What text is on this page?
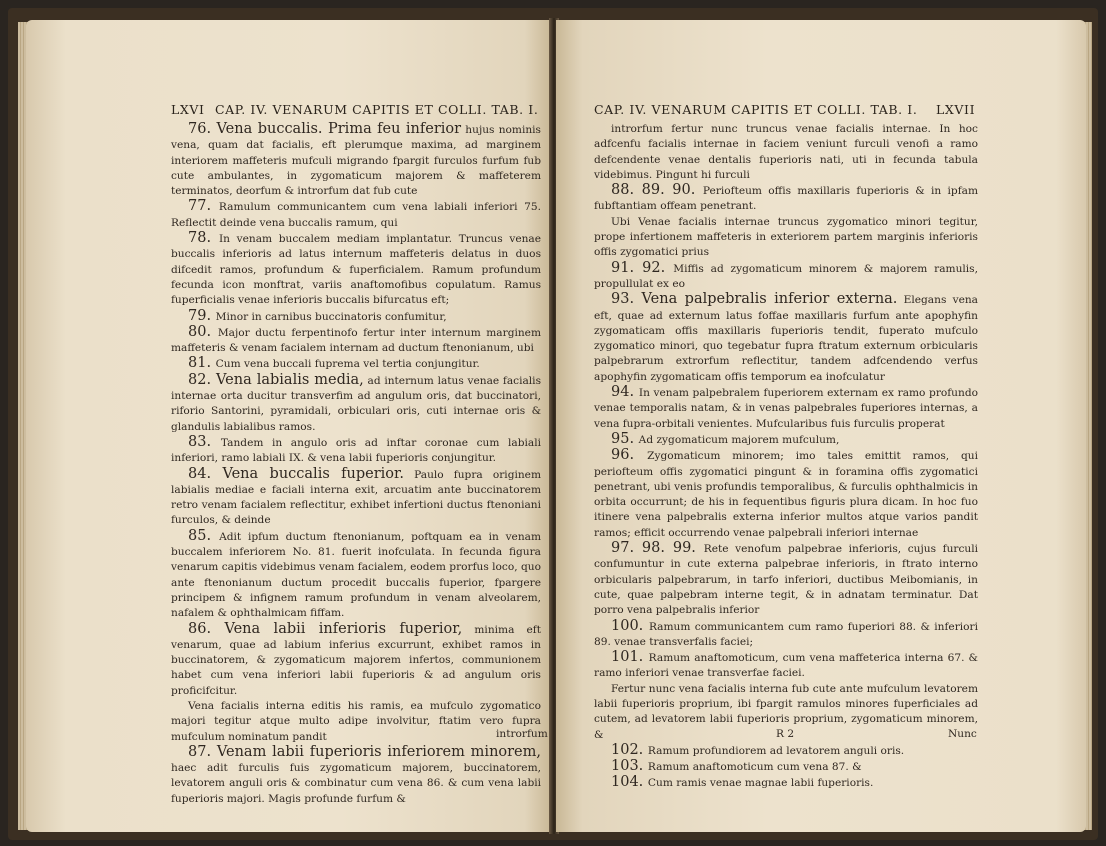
LXVI CAP. IV. VENARUM CAPITIS ET COLLI. TAB. I.

76. Vena buccalis. Prima feu inferior hujus nominis vena, quam dat facialis, eft plerumque maxima, ad marginem interiorem maffeteris mufculi migrando fpargit furculos furfum fub cute ambulantes, in zygomaticum majorem & maffeterem terminatos, deorfum & introrfum dat fub cute

77. Ramulum communicantem cum vena labiali inferiori 75. Reflectit deinde vena buccalis ramum, qui

78. In venam buccalem mediam implantatur. Truncus venae buccalis inferioris ad latus internum maffeteris delatus in duos difcedit ramos, profundum & fuperficialem. Ramum profundum fecunda icon monftrat, variis anaftomofibus copulatum. Ramus fuperficialis venae inferioris buccalis bifurcatus eft;

79. Minor in carnibus buccinatoris confumitur,

80. Major ductu ferpentinofo fertur inter internum marginem maffeteris & venam facialem internam ad ductum ftenonianum, ubi

81. Cum vena buccali fuprema vel tertia conjungitur.

82. Vena labialis media, ad internum latus venae facialis internae orta ducitur transverfim ad angulum oris, dat buccinatori, riforio Santorini, pyramidali, orbiculari oris, cuti internae oris & glandulis labialibus ramos.

83. Tandem in angulo oris ad inftar coronae cum labiali inferiori, ramo labiali IX. & vena labii fuperioris conjungitur.

84. Vena buccalis fuperior. Paulo fupra originem labialis mediae e faciali interna exit, arcuatim ante buccinatorem retro venam facialem reflectitur, exhibet infertioni ductus ftenoniani furculos, & deinde

85. Adit ipfum ductum ftenonianum, poftquam ea in venam buccalem inferiorem No. 81. fuerit inofculata. In fecunda figura venarum capitis videbimus venam facialem, eodem prorfus loco, quo ante ftenonianum ductum procedit buccalis fuperior, fpargere principem & infignem ramum profundum in venam alveolarem, nafalem & ophthalmicam fiffam.

86. Vena labii inferioris fuperior, minima eft venarum, quae ad labium inferius excurrunt, exhibet ramos in buccinatorem, & zygomaticum majorem infertos, communionem habet cum vena inferiori labii fuperioris & ad angulum oris proficifcitur.

Vena facialis interna editis his ramis, ea mufculo zygomatico majori tegitur atque multo adipe involvitur, ftatim vero fupra mufculum nominatum pandit

87. Venam labii fuperioris inferiorem minorem, haec adit furculis fuis zygomaticum majorem, buccinatorem, levatorem anguli oris & combinatur cum vena 86. & cum vena labii fuperioris majori. Magis profunde furfum &

introrfum
CAP. IV. VENARUM CAPITIS ET COLLI. TAB. I. LXVII

introrfum fertur nunc truncus venae facialis internae. In hoc adfcenfu facialis internae in faciem veniunt furculi venofi a ramo defcendente venae dentalis fuperioris nati, uti in fecunda tabula videbimus. Pingunt hi furculi

88. 89. 90. Periofteum offis maxillaris fuperioris & in ipfam fubftantiam offeam penetrant.

Ubi Venae facialis internae truncus zygomatico minori tegitur, prope infertionem maffeteris in exteriorem partem marginis inferioris offis zygomatici prius

91. 92. Miffis ad zygomaticum minorem & majorem ramulis, propullulat ex eo

93. Vena palpebralis inferior externa. Elegans vena eft, quae ad externum latus foffae maxillaris furfum ante apophyfin zygomaticam offis maxillaris fuperioris tendit, fuperato mufculo zygomatico minori, quo tegebatur fupra ftratum externum orbicularis palpebrarum extrorfum reflectitur, tandem adfcendendo verfus apophyfin zygomaticam offis temporum ea inofculatur

94. In venam palpebralem fuperiorem externam ex ramo profundo venae temporalis natam, & in venas palpebrales fuperiores internas, a vena fupra-orbitali venientes. Mufcularibus fuis furculis properat

95. Ad zygomaticum majorem mufculum,

96. Zygomaticum minorem; imo tales emittit ramos, qui periofteum offis zygomatici pingunt & in foramina offis zygomatici penetrant, ubi venis profundis temporalibus, & furculis ophthalmicis in orbita occurrunt; de his in fequentibus figuris plura dicam. In hoc fuo itinere vena palpebralis externa inferior multos atque varios pandit ramos; efficit occurrendo venae palpebrali inferiori internae

97. 98. 99. Rete venofum palpebrae inferioris, cujus furculi confumuntur in cute externa palpebrae inferioris, in ftrato interno orbicularis palpebrarum, in tarfo inferiori, ductibus Meibomianis, in cute, quae palpebram interne tegit, & in adnatam terminatur. Dat porro vena palpebralis inferior

100. Ramum communicantem cum ramo fuperiori 88. & inferiori 89. venae transverfalis faciei;

101. Ramum anaftomoticum, cum vena maffeterica interna 67. & ramo inferiori venae transverfae faciei.

Fertur nunc vena facialis interna fub cute ante mufculum levatorem labii fuperioris proprium, ibi fpargit ramulos minores fuperficiales ad cutem, ad levatorem labii fuperioris proprium, zygomaticum minorem, &

102. Ramum profundiorem ad levatorem anguli oris.

103. Ramum anaftomoticum cum vena 87. &

104. Cum ramis venae magnae labii fuperioris.

R 2	Nunc
